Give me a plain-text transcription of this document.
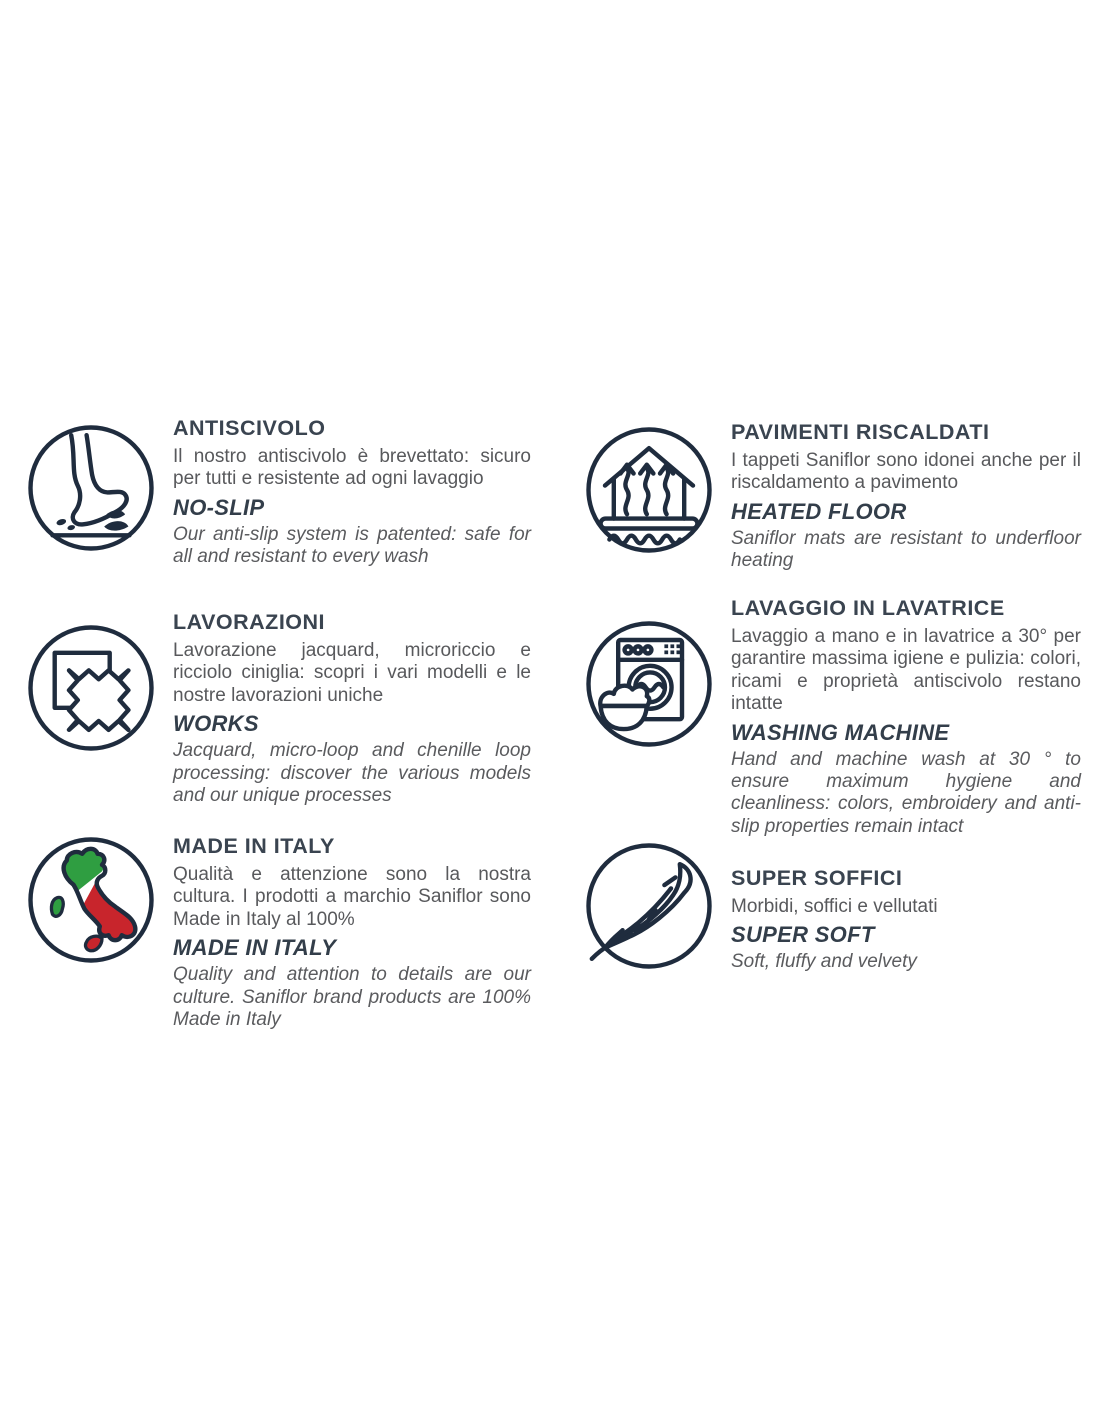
ANTISCIVOLO

Il nostro antiscivolo è brevettato: sicuro per tutti e resistente ad ogni lavaggio

NO-SLIP

Our anti-slip system is patented: safe for all and resistant to every wash

PAVIMENTI RISCALDATI

I tappeti Saniflor sono idonei anche per il riscaldamento a pavimento

HEATED FLOOR

Saniflor mats are resistant to underfloor heating

LAVORAZIONI

Lavorazione jacquard, microriccio e ricciolo ciniglia: scopri i vari modelli e le nostre lavorazioni uniche

WORKS

Jacquard, micro-loop and chenille loop processing: discover the various models and our unique processes

LAVAGGIO IN LAVATRICE

Lavaggio a mano e in lavatrice a 30° per garantire massima igiene e pulizia: colori, ricami e proprietà antiscivolo restano intatte

WASHING MACHINE

Hand and machine wash at 30 ° to ensure maximum hygiene and cleanliness: colors, embroidery and anti-slip properties remain intact

MADE IN ITALY

Qualità e attenzione sono la nostra cultura. I prodotti a marchio Saniflor sono Made in Italy al 100%

MADE IN ITALY

Quality and attention to details are our culture. Saniflor brand products are 100% Made in Italy

SUPER SOFFICI

Morbidi, soffici e vellutati

SUPER SOFT

Soft, fluffy and velvety
